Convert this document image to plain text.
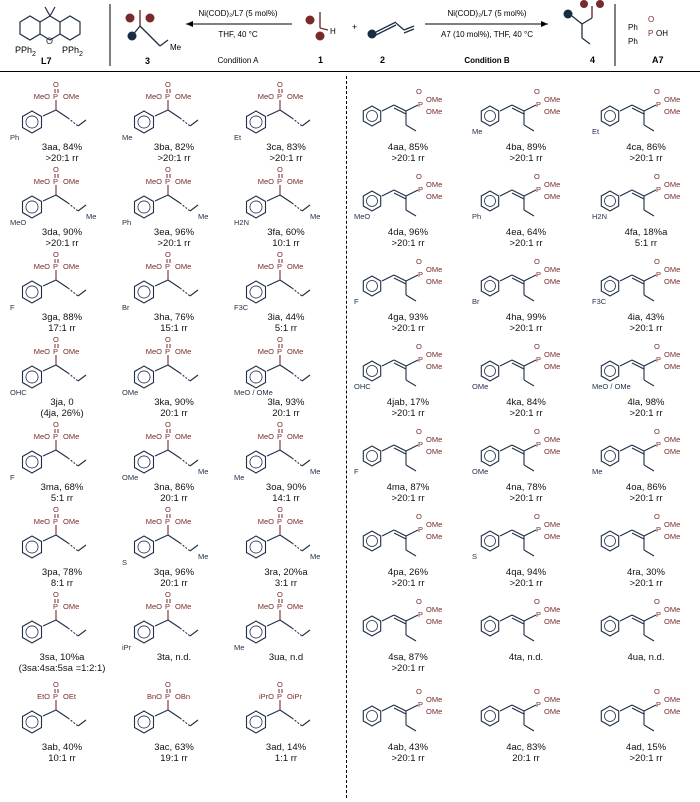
O
PPh$_2$	PPh$_2$
L7
Me
3
Ni(COD)₂/L7 (5 mol%)
THF, 40 °C
Condition A
H
1
+
2
Ni(COD)₂/L7 (5 mol%)
A7 (10 mol%), THF, 40 °C
Condition B	4
Ph
Ph
P
O
OH
A7
Ph
P
O
MeO OMe
3aa, 84%
>20:1 rr
Me
P
O
MeO OMe
3ba, 82%
>20:1 rr
Et
P
O
MeO OMe
3ca, 83%
>20:1 rr
MeO
Me
P
O
MeO OMe
3da, 90%
>20:1 rr
Ph
Me
P
O
MeO OMe
3ea, 96%
>20:1 rr
H2N
Me
P
O
MeO OMe
3fa, 60%
10:1 rr
F
P
O
MeO OMe
3ga, 88%
17:1 rr
Br
P
O
MeO OMe
3ha, 76%
15:1 rr
F3C
P
O
MeO OMe
3ia, 44%
5:1 rr
OHC
P
O
MeO OMe
3ja, 0
(4ja, 26%)
OMe
P
O
MeO OMe
3ka, 90%
20:1 rr
MeO / OMe
P
O
MeO OMe
3la, 93%
20:1 rr
F
P
O
MeO OMe
3ma, 68%
5:1 rr
OMe
Me
P
O
MeO OMe
3na, 86%
20:1 rr
Me
Me
P
O
MeO OMe
3oa, 90%
14:1 rr
P
O
MeO OMe
3pa, 78%
8:1 rr
S
Me
P
O
MeO OMe
3qa, 96%
20:1 rr
Me
P
O
MeO OMe
3ra, 20%a
3:1 rr
P
O
OMe
3sa, 10%a
(3sa:4sa:5sa =1:2:1)
iPr
P
O
MeO OMe
3ta, n.d.
Me
P
O
MeO OMe
3ua, n.d
P
O
EtO OEt
3ab, 40%
10:1 rr
P
O
BnO OBn
3ac, 63%
19:1 rr
P
O
iPrO OiPr
3ad, 14%
1:1 rr
P
O
OMe
OMe
4aa, 85%
>20:1 rr
Me
P
O
OMe
OMe
4ba, 89%
>20:1 rr
Et
P
O
OMe
OMe
4ca, 86%
>20:1 rr
MeO
P
O
OMe
OMe
4da, 96%
>20:1 rr
Ph
P
O
OMe
OMe
4ea, 64%
>20:1 rr
H2N
P
O
OMe
OMe
4fa, 18%a
5:1 rr
F
P
O
OMe
OMe
4ga, 93%
>20:1 rr
Br
P
O
OMe
OMe
4ha, 99%
>20:1 rr
F3C
P
O
OMe
OMe
4ia, 43%
>20:1 rr
OHC
P
O
OMe
OMe
4jab, 17%
>20:1 rr
OMe
P
O
OMe
OMe
4ka, 84%
>20:1 rr
MeO / OMe
P
O
OMe
OMe
4la, 98%
>20:1 rr
F
P
O
OMe
OMe
4ma, 87%
>20:1 rr
OMe
P
O
OMe
OMe
4na, 78%
>20:1 rr
Me
P
O
OMe
OMe
4oa, 86%
>20:1 rr
P
O
OMe
OMe
4pa, 26%
>20:1 rr
S
P
O
OMe
OMe
4qa, 94%
>20:1 rr
P
O
OMe
OMe
4ra, 30%
>20:1 rr
P
O
OMe
OMe
4sa, 87%
>20:1 rr
P
O
OMe
OMe
4ta, n.d.
P
O
OMe
OMe
4ua, n.d.
P
O
OMe
OMe
4ab, 43%
>20:1 rr
P
O
OMe
OMe
4ac, 83%
20:1 rr
P
O
OMe
OMe
4ad, 15%
>20:1 rr
